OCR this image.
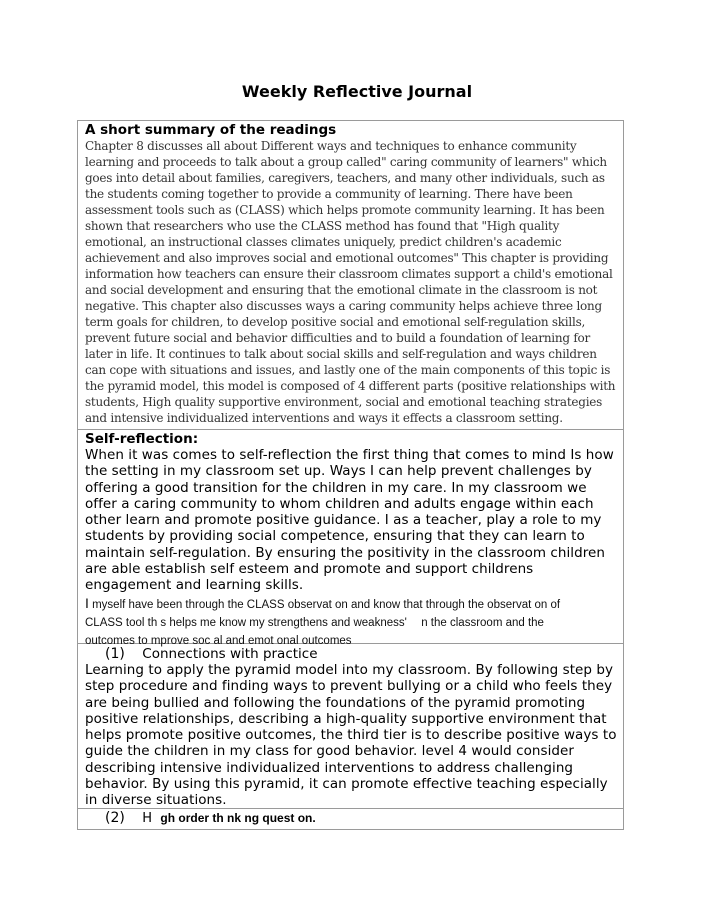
Weekly Reflective Journal
A short summary of the readings

Chapter 8 discusses all about Different ways and techniques to enhance community learning and proceeds to talk about a group called" caring community of learners" which goes into detail about families, caregivers, teachers, and many other individuals, such as the students coming together to provide a community of learning. There have been assessment tools such as (CLASS) which helps promote community learning. It has been shown that researchers who use the CLASS method has found that "High quality emotional, an instructional classes climates uniquely, predict children's academic achievement and also improves social and emotional outcomes" This chapter is providing information how teachers can ensure their classroom climates support a child's emotional and social development and ensuring that the emotional climate in the classroom is not negative. This chapter also discusses ways a caring community helps achieve three long term goals for children, to develop positive social and emotional self-regulation skills, prevent future social and behavior difficulties and to build a foundation of learning for later in life. It continues to talk about social skills and self-regulation and ways children can cope with situations and issues, and lastly one of the main components of this topic is the pyramid model, this model is composed of 4 different parts (positive relationships with students, High quality supportive environment, social and emotional teaching strategies and intensive individualized interventions and ways it effects a classroom setting.

Self-reflection:

When it was comes to self-reflection the first thing that comes to mind Is how the setting in my classroom set up. Ways I can help prevent challenges by offering a good transition for the children in my care. In my classroom we offer a caring community to whom children and adults engage within each other learn and promote positive guidance. I as a teacher, play a role to my students by providing social competence, ensuring that they can learn to maintain self-regulation. By ensuring the positivity in the classroom children are able establish self esteem and promote and support childrens engagement and learning skills.

I myself have been through the CLASS observat on and know that through the observat on of
CLASS tool th s helps me know my strengthens and weakness' n the classroom and the
outcomes to mprove soc al and emot onal outcomes
(1) Connections with practice

Learning to apply the pyramid model into my classroom. By following step by step procedure and finding ways to prevent bullying or a child who feels they are being bullied and following the foundations of the pyramid promoting positive relationships, describing a high-quality supportive environment that helps promote positive outcomes, the third tier is to describe positive ways to guide the children in my class for good behavior. level 4 would consider describing intensive individualized interventions to address challenging behavior. By using this pyramid, it can promote effective teaching especially in diverse situations.

(2) H gh order th nk ng quest on.
